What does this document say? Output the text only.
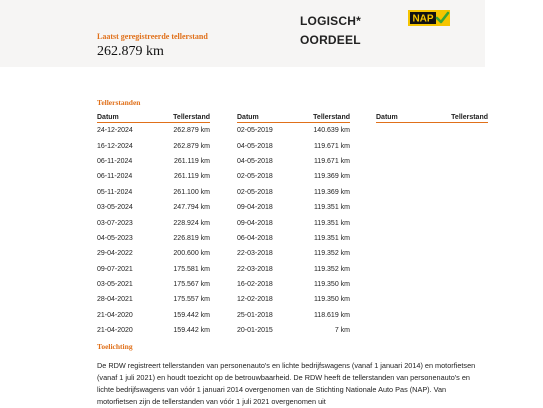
Laatst geregistreerde tellerstand
262.879 km
LOGISCH*
OORDEEL
NAP
Tellerstanden
Datum	Tellerstand
24-12-2024	262.879 km
16-12-2024	262.879 km
06-11-2024	261.119 km
06-11-2024	261.119 km
05-11-2024	261.100 km
03-05-2024	247.794 km
03-07-2023	228.924 km
04-05-2023	226.819 km
29-04-2022	200.600 km
09-07-2021	175.581 km
03-05-2021	175.567 km
28-04-2021	175.557 km
21-04-2020	159.442 km
21-04-2020	159.442 km
Datum	Tellerstand
02-05-2019	140.639 km
04-05-2018	119.671 km
04-05-2018	119.671 km
02-05-2018	119.369 km
02-05-2018	119.369 km
09-04-2018	119.351 km
09-04-2018	119.351 km
06-04-2018	119.351 km
22-03-2018	119.352 km
22-03-2018	119.352 km
16-02-2018	119.350 km
12-02-2018	119.350 km
25-01-2018	118.619 km
20-01-2015	7 km
Datum	Tellerstand
Toelichting

De RDW registreert tellerstanden van personenauto's en lichte bedrijfswagens (vanaf 1 januari 2014) en motorfietsen (vanaf 1 juli 2021) en houdt toezicht op de betrouwbaarheid. De RDW heeft de tellerstanden van personenauto's en lichte bedrijfswagens van vóór 1 januari 2014 overgenomen van de Stichting Nationale Auto Pas (NAP). Van motorfietsen zijn de tellerstanden van vóór 1 juli 2021 overgenomen uit
